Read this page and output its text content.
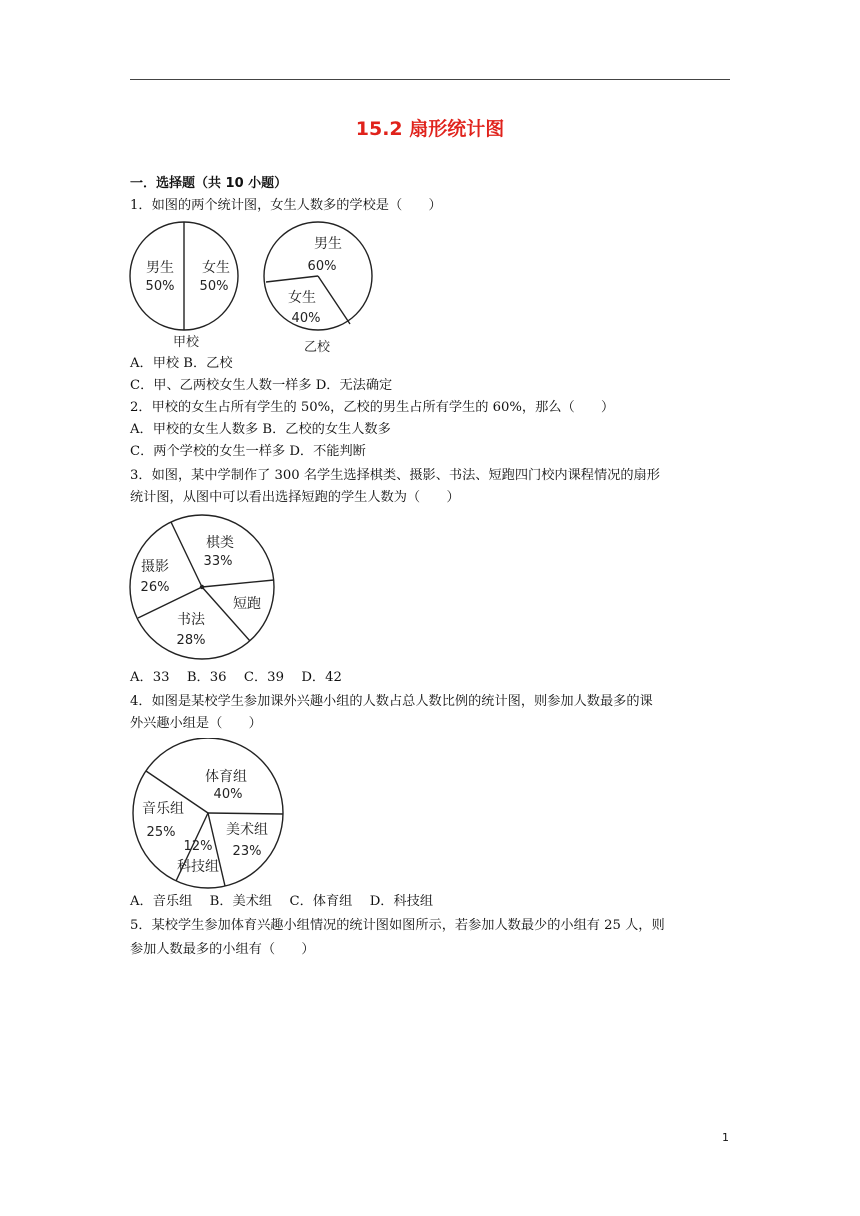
15.2 扇形统计图
一．选择题（共 10 小题）
1．如图的两个统计图，女生人数多的学校是（　　）
男生
50%
女生
50%
甲校
男生
60%
女生
40%
乙校
A．甲校 B．乙校
C．甲、乙两校女生人数一样多 D．无法确定
2．甲校的女生占所有学生的 50%，乙校的男生占所有学生的 60%，那么（　　）
A．甲校的女生人数多 B．乙校的女生人数多
C．两个学校的女生一样多 D．不能判断
3．如图，某中学制作了 300 名学生选择棋类、摄影、书法、短跑四门校内课程情况的扇形
统计图，从图中可以看出选择短跑的学生人数为（　　）
棋类
33%
摄影
26%
书法
28%
短跑
A．33　 B．36　 C．39　 D．42
4．如图是某校学生参加课外兴趣小组的人数占总人数比例的统计图，则参加人数最多的课
外兴趣小组是（　　）
体育组
40%
音乐组
25%	美术组
23%
12%
科技组
A．音乐组　 B．美术组　 C．体育组　 D．科技组
5．某校学生参加体育兴趣小组情况的统计图如图所示，若参加人数最少的小组有 25 人，则
参加人数最多的小组有（　　）
1
